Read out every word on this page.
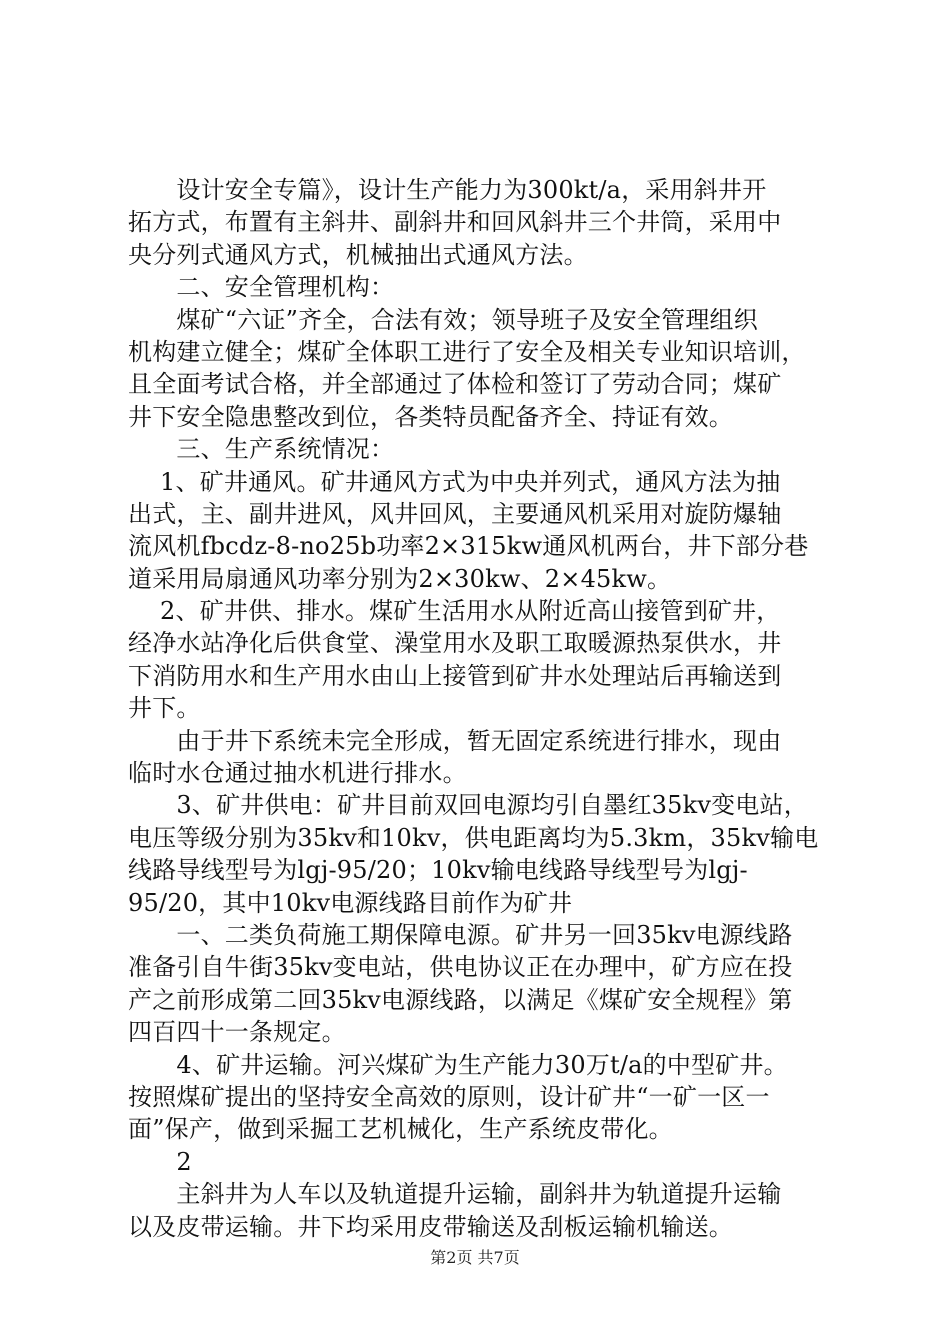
　　设计安全专篇》，设计生产能力为300kt/a，采用斜井开
拓方式，布置有主斜井、副斜井和回风斜井三个井筒，采用中
央分列式通风方式，机械抽出式通风方法。
　　二、安全管理机构：
　　煤矿“六证”齐全，合法有效；领导班子及安全管理组织
机构建立健全；煤矿全体职工进行了安全及相关专业知识培训，
且全面考试合格，并全部通过了体检和签订了劳动合同；煤矿
井下安全隐患整改到位，各类特员配备齐全、持证有效。
　　三、生产系统情况：
　 1、矿井通风。矿井通风方式为中央并列式，通风方法为抽
出式，主、副井进风，风井回风，主要通风机采用对旋防爆轴
流风机fbcdz-8-no25b功率2×315kw通风机两台，井下部分巷
道采用局扇通风功率分别为2×30kw、2×45kw。
　 2、矿井供、排水。煤矿生活用水从附近高山接管到矿井，
经净水站净化后供食堂、澡堂用水及职工取暖源热泵供水，井
下消防用水和生产用水由山上接管到矿井水处理站后再输送到
井下。
　　由于井下系统未完全形成，暂无固定系统进行排水，现由
临时水仓通过抽水机进行排水。
　　3、矿井供电：矿井目前双回电源均引自墨红35kv变电站，
电压等级分别为35kv和10kv，供电距离均为5.3km，35kv输电
线路导线型号为lgj-95/20；10kv输电线路导线型号为lgj-
95/20，其中10kv电源线路目前作为矿井
　　一、二类负荷施工期保障电源。矿井另一回35kv电源线路
准备引自牛街35kv变电站，供电协议正在办理中，矿方应在投
产之前形成第二回35kv电源线路，以满足《煤矿安全规程》第
四百四十一条规定。
　　4、矿井运输。河兴煤矿为生产能力30万t/a的中型矿井。
按照煤矿提出的坚持安全高效的原则，设计矿井“一矿一区一
面”保产，做到采掘工艺机械化，生产系统皮带化。
　　2
　　主斜井为人车以及轨道提升运输，副斜井为轨道提升运输
以及皮带运输。井下均采用皮带输送及刮板运输机输送。
第2页 共7页
